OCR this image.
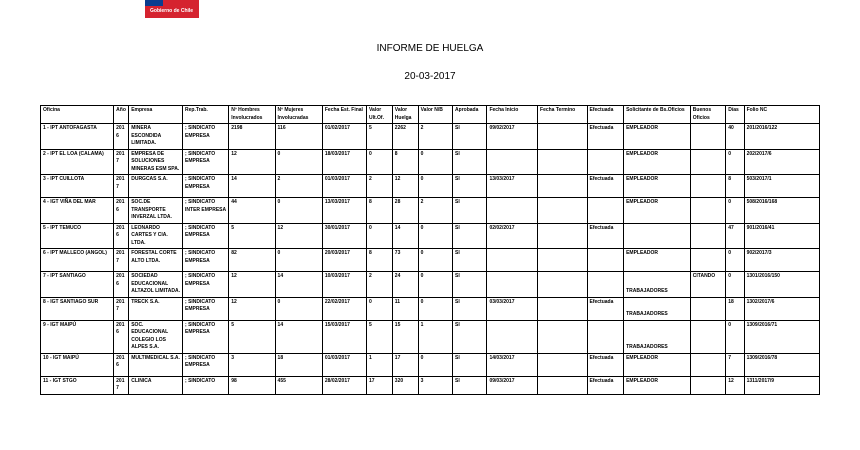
Gobierno de Chile
INFORME DE HUELGA
20-03-2017
Oficina	Año	Empresa	Rep.Trab.	Nº Hombres Involucrados	Nº Mujeres Involucradas	Fecha Est. Final	Valor Ult.Of.	Valor Huelga	Valor N/B	Aprobada	Fecha Inicio	Fecha Termino	Efectuada	Solicitante de Bs.Oficios	Buenos Oficios	Días	Folio NC
1 - IPT ANTOFAGASTA	2016	MINERA ESCONDIDA LIMITADA.	; SINDICATO EMPRESA	2198	116	01/02/2017	5	2262	2	SI	09/02/2017		Efectuada	EMPLEADOR		40	201/2016/122
2 - IPT EL LOA (CALAMA)	2017	EMPRESA DE SOLUCIONES MINERAS ESM SPA.	; SINDICATO EMPRESA	12	0	18/03/2017	0	8	0	SI				EMPLEADOR		0	202/2017/6
3 - IPT CUILLOTA	2017	DURGCAS S.A.	; SINDICATO EMPRESA	14	2	01/03/2017	2	12	0	SI	13/03/2017		Efectuada	EMPLEADOR		8	503/2017/1
4 - IGT VIÑA DEL MAR	2016	SOC.DE TRANSPORTE INVERZAL LTDA.	; SINDICATO INTER EMPRESA	44	0	13/03/2017	8	28	2	SI				EMPLEADOR		0	508/2016/168
5 - IPT TEMUCO	2016	LEONARDO CARTES Y CIA. LTDA.	; SINDICATO EMPRESA	5	12	30/01/2017	0	14	0	SI	02/02/2017		Efectuada			47	901/2016/41
6 - IPT MALLECO (ANGOL)	2017	FORESTAL CORTE ALTO LTDA.	; SINDICATO EMPRESA	82	0	20/03/2017	8	73	0	SI				EMPLEADOR		0	902/2017/3
7 - IPT SANTIAGO	2016	SOCIEDAD EDUCACIONAL ALTAZOL LIMITADA.	; SINDICATO EMPRESA	12	14	10/03/2017	2	24	0	SI				TRABAJADORES	CITANDO	0	1301/2016/150
8 - IGT SANTIAGO SUR	2017	TRECK S.A.	; SINDICATO EMPRESA	12	0	22/02/2017	0	11	0	SI	03/03/2017		Efectuada	TRABAJADORES		18	1302/2017/6
9 - IGT MAIPÚ	2016	SOC. EDUCACIONAL COLEGIO LOS ALPES S.A.	; SINDICATO EMPRESA	5	14	15/03/2017	5	15	1	SI				TRABAJADORES		0	1309/2016/71
10 - IGT MAIPÚ	2016	MULTIMEDICAL S.A.	; SINDICATO EMPRESA	3	18	01/03/2017	1	17	0	SI	14/03/2017		Efectuada	EMPLEADOR		7	1309/2016/78
11 - IGT STGO	2017	CLINICA	; SINDICATO	98	455	28/02/2017	17	320	3	SI	09/03/2017		Efectuada	EMPLEADOR		12	1311/2017/9
